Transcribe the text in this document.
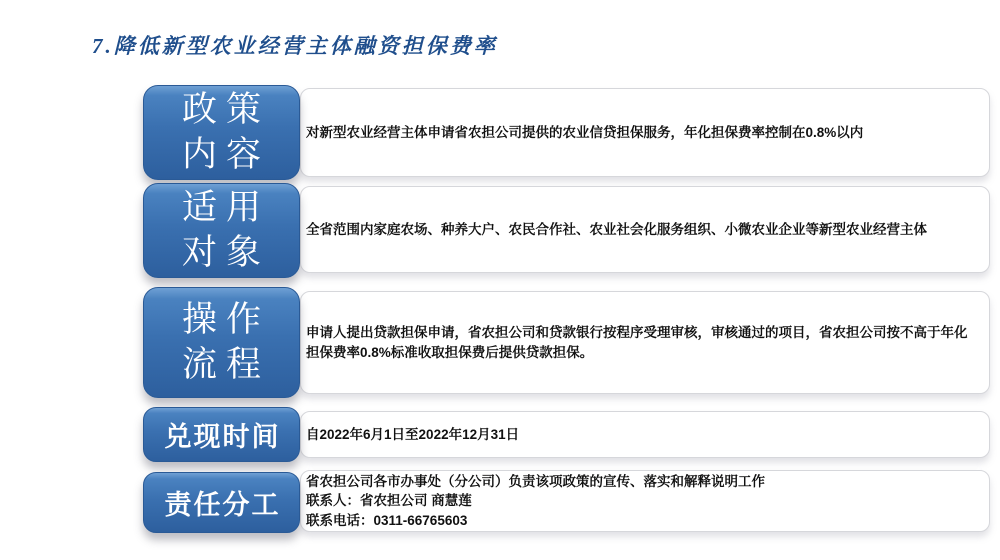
7.降低新型农业经营主体融资担保费率

对新型农业经营主体申请省农担公司提供的农业信贷担保服务，年化担保费率控制在0.8%以内

政策
内容

全省范围内家庭农场、种养大户、农民合作社、农业社会化服务组织、小微农业企业等新型农业经营主体

适用
对象

申请人提出贷款担保申请，省农担公司和贷款银行按程序受理审核，审核通过的项目，省农担公司按不高于年化担保费率0.8%标准收取担保费后提供贷款担保。

操作
流程

自2022年6月1日至2022年12月31日

兑现时间

省农担公司各市办事处（分公司）负责该项政策的宣传、落实和解释说明工作

联系人：省农担公司 商慧莲

联系电话：0311-66765603

责任分工
